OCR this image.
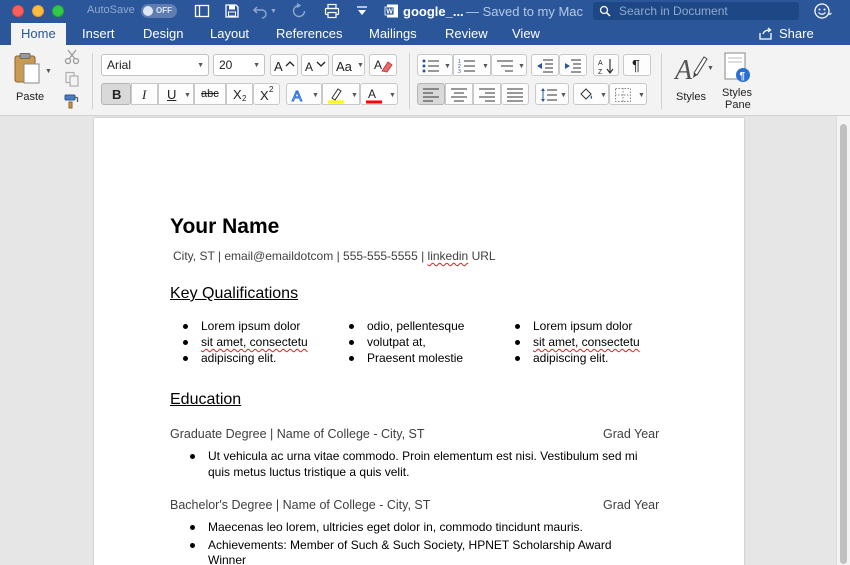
AutoSave	OFF	▼	W google_... — Saved to my Mac	Search in Document
Home	Insert Design Layout References Mailings Review View	Share
▼
Paste
Arial	▼ 20	▼ A A Aa ▼ A
B I U ▼ abc X 2 X 2 A ▼	▼ A ▼
▼
1
2
3
▼	▼	A
Z ¶
▼	▼	▼
A ▼
Styles
¶
Styles
Pane
Your Name
City, ST | email@emaildotcom | 555-555-5555 | linkedin URL
Key Qualifications
Lorem ipsum dolor
sit amet, consectetu
adipiscing elit.
odio, pellentesque
volutpat at,
Praesent molestie
Lorem ipsum dolor
sit amet, consectetu
adipiscing elit.
Education
Graduate Degree | Name of College - City, ST	Grad Year
Ut vehicula ac urna vitae commodo. Proin elementum est nisi. Vestibulum sed mi
quis metus luctus tristique a quis velit.
Bachelor's Degree | Name of College - City, ST	Grad Year
Maecenas leo lorem, ultricies eget dolor in, commodo tincidunt mauris.
Achievements: Member of Such & Such Society, HPNET Scholarship Award
Winner
